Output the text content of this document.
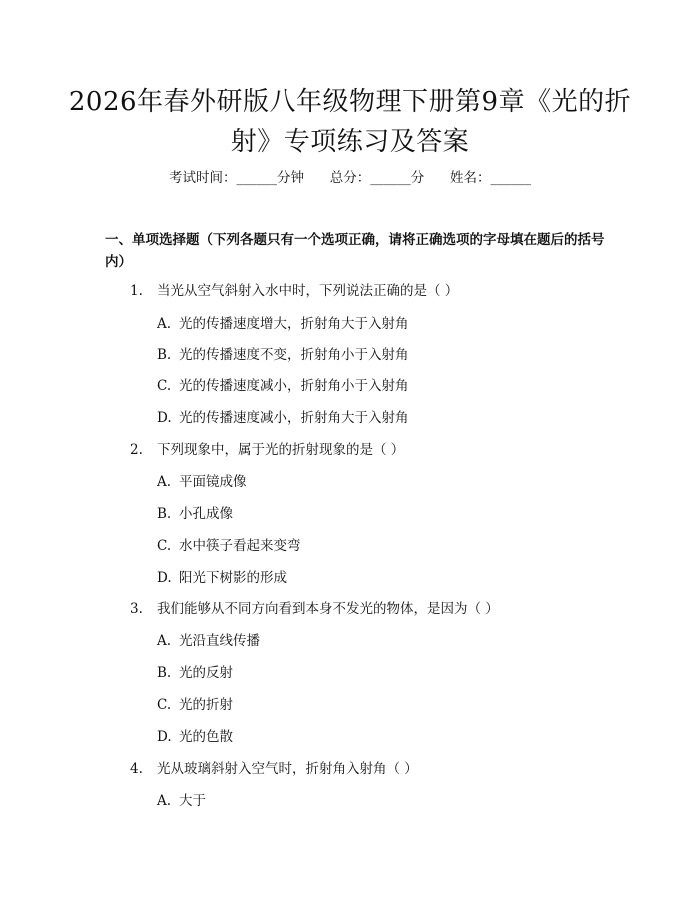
2026年春外研版八年级物理下册第9章《光的折射》专项练习及答案
考试时间：______分钟      总分：______分      姓名：______
一、单项选择题（下列各题只有一个选项正确，请将正确选项的字母填在题后的括号内）
1. 当光从空气斜射入水中时，下列说法正确的是（ ）
A. 光的传播速度增大，折射角大于入射角
B. 光的传播速度不变，折射角小于入射角
C. 光的传播速度减小，折射角小于入射角
D. 光的传播速度减小，折射角大于入射角
2. 下列现象中，属于光的折射现象的是（ ）
A. 平面镜成像
B. 小孔成像
C. 水中筷子看起来变弯
D. 阳光下树影的形成
3. 我们能够从不同方向看到本身不发光的物体，是因为（ ）
A. 光沿直线传播
B. 光的反射
C. 光的折射
D. 光的色散
4. 光从玻璃斜射入空气时，折射角入射角（ ）
A. 大于
